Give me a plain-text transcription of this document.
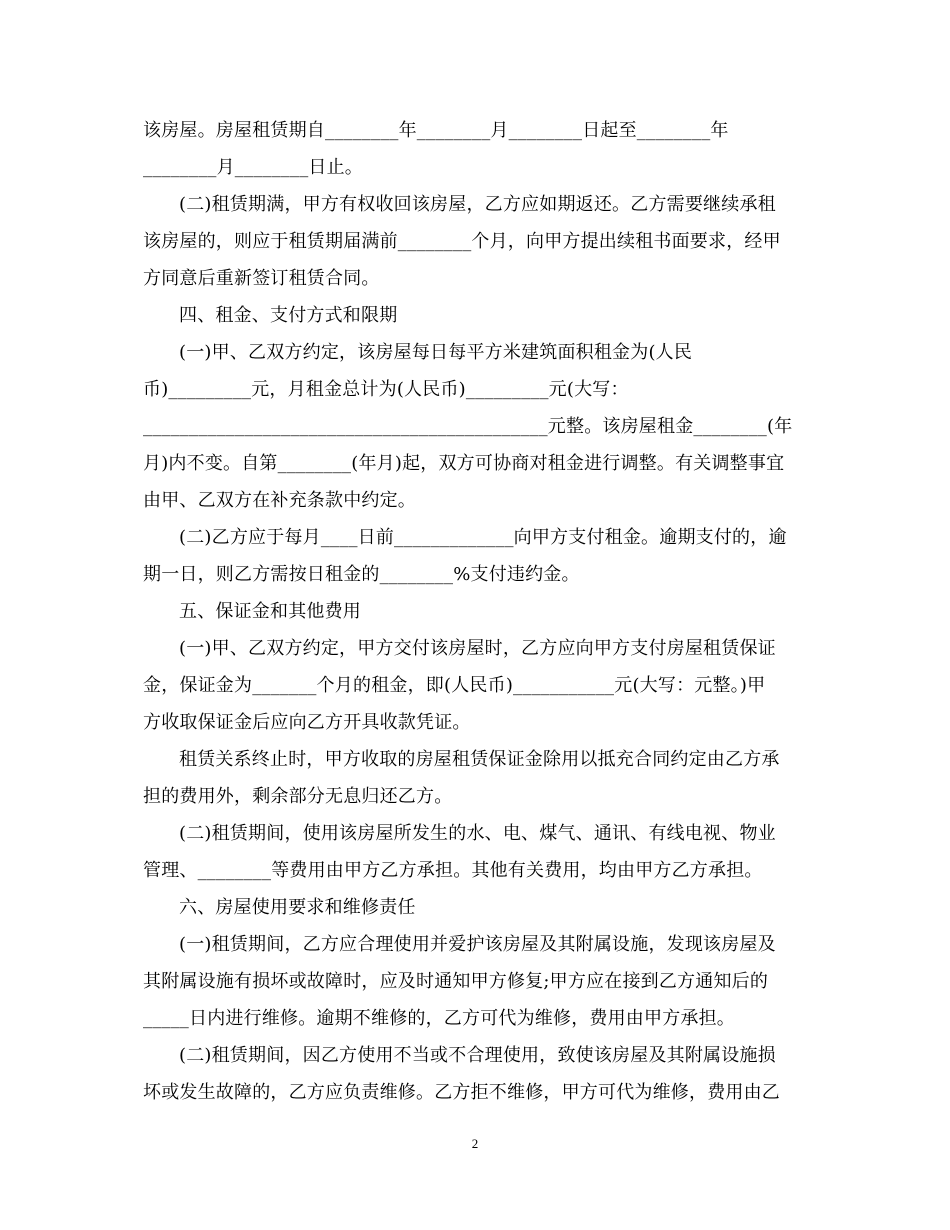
该房屋。房屋租赁期自________年________月________日起至________年
________月________日止。
(二)租赁期满，甲方有权收回该房屋，乙方应如期返还。乙方需要继续承租
该房屋的，则应于租赁期届满前________个月，向甲方提出续租书面要求，经甲
方同意后重新签订租赁合同。
四、租金、支付方式和限期
(一)甲、乙双方约定，该房屋每日每平方米建筑面积租金为(人民
币)_________元，月租金总计为(人民币)_________元(大写：
____________________________________________元整。该房屋租金________(年
月)内不变。自第________(年月)起，双方可协商对租金进行调整。有关调整事宜
由甲、乙双方在补充条款中约定。
(二)乙方应于每月____日前_____________向甲方支付租金。逾期支付的，逾
期一日，则乙方需按日租金的________%支付违约金。
五、保证金和其他费用
(一)甲、乙双方约定，甲方交付该房屋时，乙方应向甲方支付房屋租赁保证
金，保证金为_______个月的租金，即(人民币)___________元(大写：元整。)甲
方收取保证金后应向乙方开具收款凭证。
租赁关系终止时，甲方收取的房屋租赁保证金除用以抵充合同约定由乙方承
担的费用外，剩余部分无息归还乙方。
(二)租赁期间，使用该房屋所发生的水、电、煤气、通讯、有线电视、物业
管理、________等费用由甲方乙方承担。其他有关费用，均由甲方乙方承担。
六、房屋使用要求和维修责任
(一)租赁期间，乙方应合理使用并爱护该房屋及其附属设施，发现该房屋及
其附属设施有损坏或故障时，应及时通知甲方修复;甲方应在接到乙方通知后的
_____日内进行维修。逾期不维修的，乙方可代为维修，费用由甲方承担。
(二)租赁期间，因乙方使用不当或不合理使用，致使该房屋及其附属设施损
坏或发生故障的，乙方应负责维修。乙方拒不维修，甲方可代为维修，费用由乙
2
